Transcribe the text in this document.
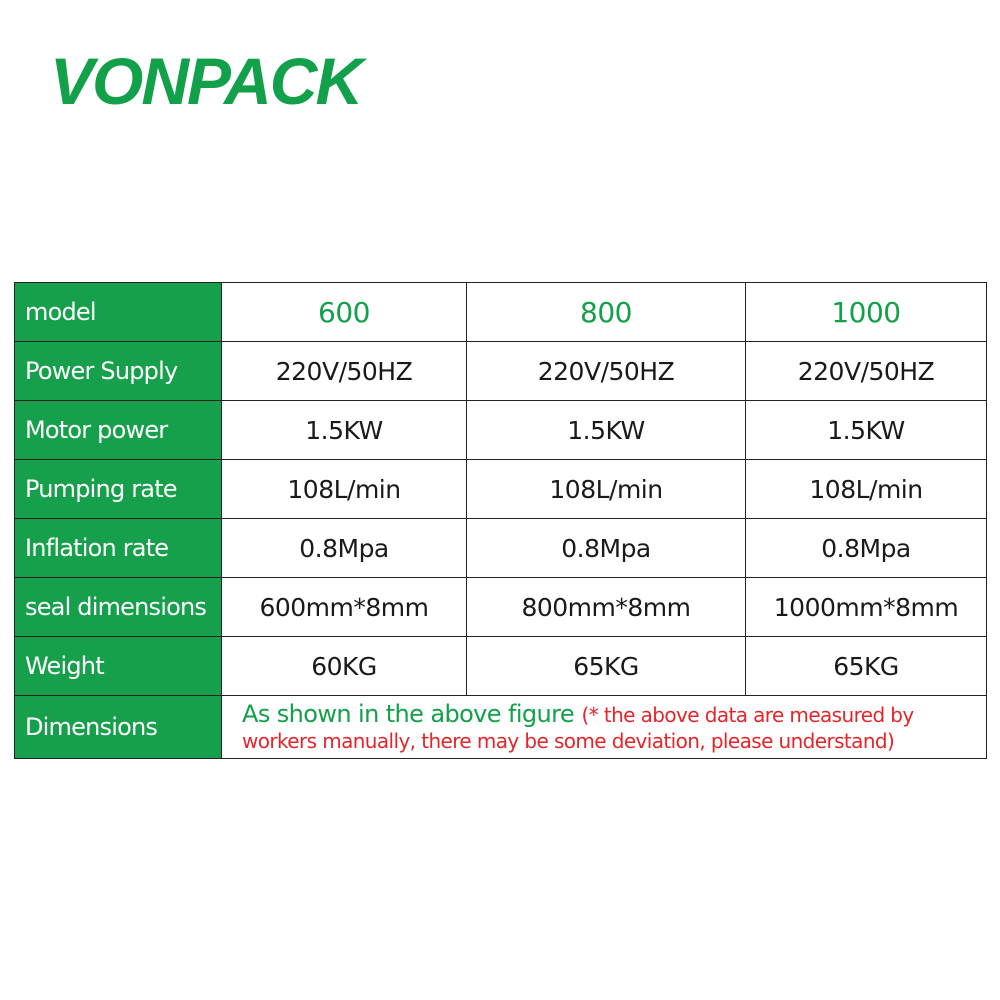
VONPACK
model	600	800	1000
Power Supply	220V/50HZ	220V/50HZ	220V/50HZ
Motor power	1.5KW	1.5KW	1.5KW
Pumping rate	108L/min	108L/min	108L/min
Inflation rate	0.8Mpa	0.8Mpa	0.8Mpa
seal dimensions	600mm*8mm	800mm*8mm	1000mm*8mm
Weight	60KG	65KG	65KG
Dimensions	As shown in the above figure (* the above data are measured by workers manually, there may be some deviation, please understand)		
